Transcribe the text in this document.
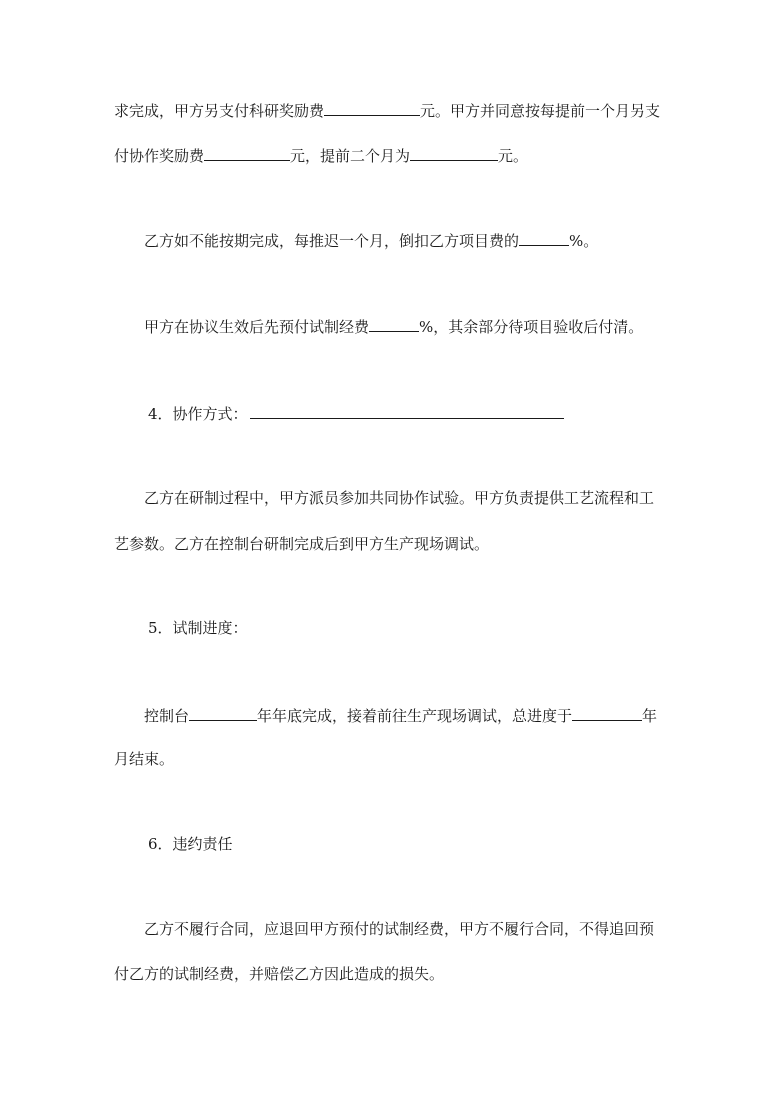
求完成，甲方另支付科研奖励费	元。甲方并同意按每提前一个月另支
付协作奖励费	元，提前二个月为	元。
乙方如不能按期完成，每推迟一个月，倒扣乙方项目费的	%。
甲方在协议生效后先预付试制经费	%，其余部分待项目验收后付清。
4．协作方式：
乙方在研制过程中，甲方派员参加共同协作试验。甲方负责提供工艺流程和工
艺参数。乙方在控制台研制完成后到甲方生产现场调试。
5．试制进度：
控制台	年年底完成，接着前往生产现场调试，总进度于	年
月结束。
6．违约责任
乙方不履行合同，应退回甲方预付的试制经费，甲方不履行合同，不得追回预
付乙方的试制经费，并赔偿乙方因此造成的损失。
